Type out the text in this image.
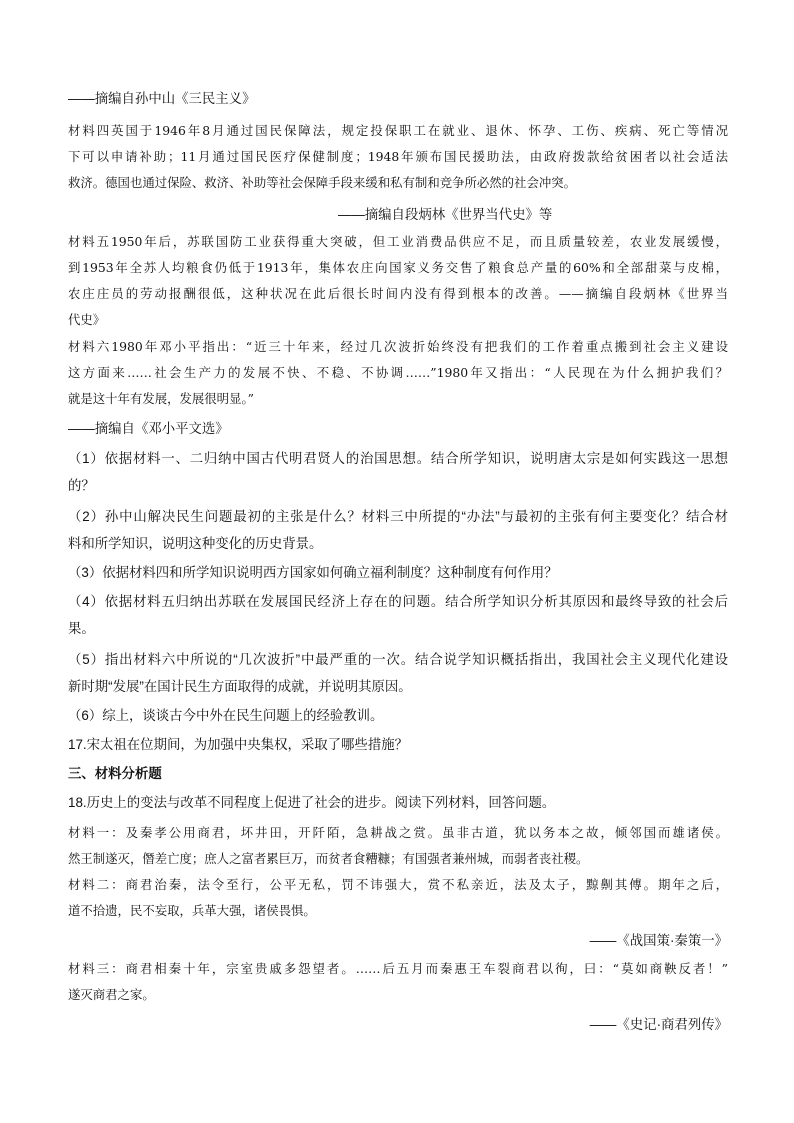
——摘编自孙中山《三民主义》
材料四英国于1946年8月通过国民保障法，规定投保职工在就业、退休、怀孕、工伤、疾病、死亡等情况
下可以申请补助；11月通过国民医疗保健制度；1948年颁布国民援助法，由政府拨款给贫困者以社会适法
救济。德国也通过保险、救济、补助等社会保障手段来缓和私有制和竞争所必然的社会冲突。
——摘编自段炳林《世界当代史》等
材料五1950年后，苏联国防工业获得重大突破，但工业消费品供应不足，而且质量较差，农业发展缓慢，
到1953年全苏人均粮食仍低于1913年，集体农庄向国家义务交售了粮食总产量的60%和全部甜菜与皮棉，
农庄庄员的劳动报酬很低，这种状况在此后很长时间内没有得到根本的改善。——摘编自段炳林《世界当
代史》
材料六1980年邓小平指出：“近三十年来，经过几次波折始终没有把我们的工作着重点搬到社会主义建设
这方面来……社会生产力的发展不快、不稳、不协调……”1980年又指出：“人民现在为什么拥护我们？
就是这十年有发展，发展很明显。”
——摘编自《邓小平文选》
（1）依据材料一、二归纳中国古代明君贤人的治国思想。结合所学知识，说明唐太宗是如何实践这一思想
的？
（2）孙中山解决民生问题最初的主张是什么？材料三中所提的“办法”与最初的主张有何主要变化？结合材
料和所学知识，说明这种变化的历史背景。
（3）依据材料四和所学知识说明西方国家如何确立福利制度？这种制度有何作用？
（4）依据材料五归纳出苏联在发展国民经济上存在的问题。结合所学知识分析其原因和最终导致的社会后
果。
（5）指出材料六中所说的“几次波折”中最严重的一次。结合说学知识概括指出，我国社会主义现代化建设
新时期“发展”在国计民生方面取得的成就，并说明其原因。
（6）综上，谈谈古今中外在民生问题上的经验教训。
17.宋太祖在位期间，为加强中央集权，采取了哪些措施？
三、材料分析题
18.历史上的变法与改革不同程度上促进了社会的进步。阅读下列材料，回答问题。
材料一：及秦孝公用商君，坏井田，开阡陌，急耕战之赏。虽非古道，犹以务本之故，倾邻国而雄诸侯。
然王制遂灭，僭差亡度；庶人之富者累巨万，而贫者食糟糠；有国强者兼州城，而弱者丧社稷。
材料二：商君治秦，法令至行，公平无私，罚不讳强大，赏不私亲近，法及太子，黥劓其傅。期年之后，
道不拾遗，民不妄取，兵革大强，诸侯畏惧。
——《战国策·秦策一》
材料三：商君相秦十年，宗室贵戚多怨望者。……后五月而秦惠王车裂商君以徇，曰：“莫如商鞅反者！”
遂灭商君之家。
——《史记·商君列传》
